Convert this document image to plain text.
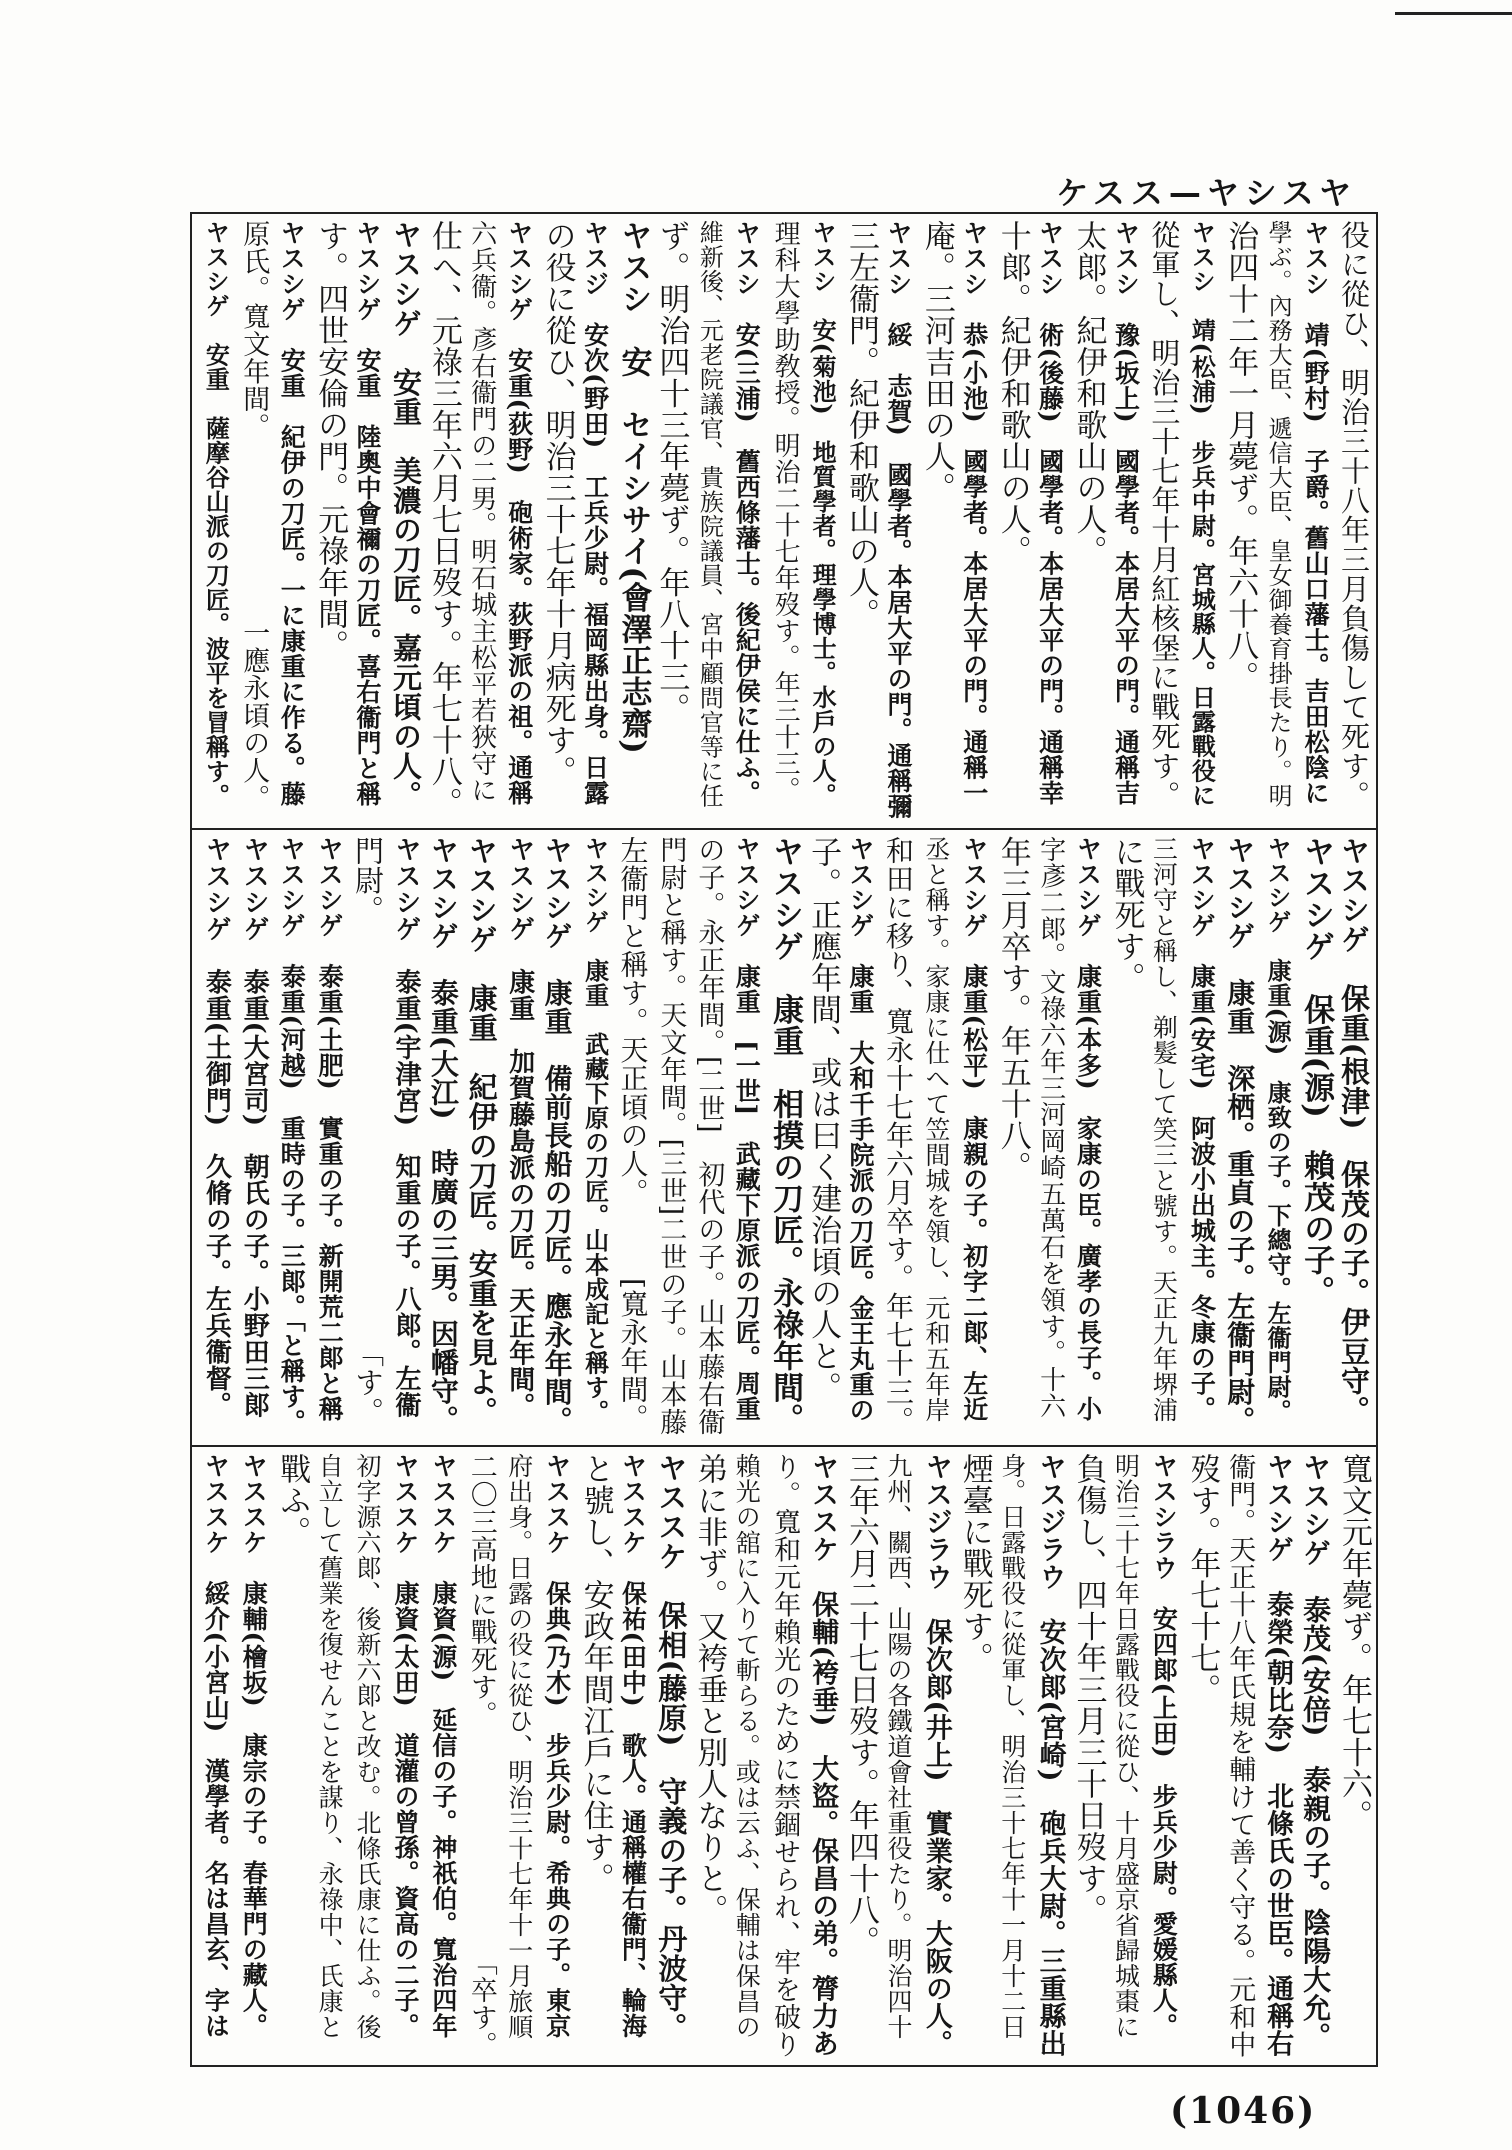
ケスス—ヤシスヤ
役に從ひ、明治三十八年三月負傷して死す。
ヤスシ　靖(野村)　子爵。舊山口藩士。吉田松陰に
學ぶ。內務大臣、遞信大臣、皇女御養育掛長たり。明
治四十二年一月薨ず。年六十八。
ヤスシ　靖(松浦)　步兵中尉。宮城縣人。日露戰役に
從軍し、明治三十七年十月紅核堡に戰死す。
ヤスシ　豫(坂上)　國學者。本居大平の門。通稱吉
太郞。紀伊和歌山の人。
ヤスシ　術(後藤)　國學者。本居大平の門。通稱幸
十郞。紀伊和歌山の人。
ヤスシ　恭(小池)　國學者。本居大平の門。通稱一
庵。三河吉田の人。
ヤスシ　綏　志賀)　國學者。本居大平の門。通稱彌
三左衞門。紀伊和歌山の人。
ヤスシ　安(菊池)　地質學者。理學博士。水戶の人。
理科大學助敎授。明治二十七年歿す。年三十三。
ヤスシ　安(三浦)　舊西條藩士。後紀伊侯に仕ふ。
維新後、元老院議官、貴族院議員、宮中顧問官等に任
ず。明治四十三年薨ず。年八十三。
ヤスシ　安　セイシサイ(會澤正志齋)
ヤスジ　安次(野田)　工兵少尉。福岡縣出身。日露
の役に從ひ、明治三十七年十月病死す。
ヤスシゲ　安重(荻野)　砲術家。荻野派の祖。通稱
六兵衞。彥右衞門の二男。明石城主松平若狹守に
仕へ、元祿三年六月七日歿す。年七十八。
ヤスシゲ　安重　美濃の刀匠。嘉元頃の人。
ヤスシゲ　安重　陸奧中會禰の刀匠。喜右衞門と稱
す。四世安倫の門。元祿年間。
ヤスシゲ　安重　紀伊の刀匠。一に康重に作る。藤
原氏。寬文年間。　　　　　　　一應永頃の人。
ヤスシゲ　安重　薩摩谷山派の刀匠。波平を冒稱す。
ヤスシゲ　保重(根津)　保茂の子。伊豆守。
ヤスシゲ　保重(源)　賴茂の子。
ヤスシゲ　康重(源)　康致の子。下總守。左衞門尉。
ヤスシゲ　康重　深栖。重貞の子。左衞門尉。
ヤスシゲ　康重(安宅)　阿波小出城主。冬康の子。
三河守と稱し、剃髮して笑三と號す。天正九年堺浦
に戰死す。
ヤスシゲ　康重(本多)　家康の臣。廣孝の長子。小
字彥二郞。文祿六年三河岡崎五萬石を領す。十六
年三月卒す。年五十八。
ヤスシゲ　康重(松平)　康親の子。初字二郞、左近
丞と稱す。家康に仕へて笠間城を領し、元和五年岸
和田に移り、寬永十七年六月卒す。年七十三。
ヤスシゲ　康重　大和千手院派の刀匠。金王丸重の
子。正應年間、或は曰く建治頃の人と。
ヤスシゲ　康重　相摸の刀匠。永祿年間。
ヤスシゲ　康重　[一世]　武藏下原派の刀匠。周重
の子。永正年間。[二世]　初代の子。山本藤右衞
門尉と稱す。天文年間。[三世]二世の子。山本藤
左衞門と稱す。天正頃の人。　　　[寬永年間。
ヤスシゲ　康重　武藏下原の刀匠。山本成記と稱す。
ヤスシゲ　康重　備前長船の刀匠。應永年間。
ヤスシゲ　康重　加賀藤島派の刀匠。天正年間。
ヤスシゲ　康重　紀伊の刀匠。安重を見よ。
ヤスシゲ　泰重(大江)　時廣の三男。因幡守。
ヤスシゲ　泰重(宇津宮)　知重の子。八郞。左衞
門尉。　　　　　　　　　　　　　　　「す。
ヤスシゲ　泰重(土肥)　實重の子。新開荒二郞と稱
ヤスシゲ　泰重(河越)　重時の子。三郞。「と稱す。
ヤスシゲ　泰重(大宮司)　朝氏の子。小野田三郞
ヤスシゲ　泰重(土御門)　久脩の子。左兵衞督。
寬文元年薨ず。年七十六。
ヤスシゲ　泰茂(安倍)　泰親の子。陰陽大允。
ヤスシゲ　泰榮(朝比奈)　北條氏の世臣。通稱右
衞門。天正十八年氏規を輔けて善く守る。元和中
歿す。年七十七。
ヤスシラウ　安四郞(上田)　步兵少尉。愛媛縣人。
明治三十七年日露戰役に從ひ、十月盛京省歸城棗に
負傷し、四十年三月三十日歿す。
ヤスジラウ　安次郞(宮崎)　砲兵大尉。三重縣出
身。日露戰役に從軍し、明治三十七年十一月十二日
煙臺に戰死す。
ヤスジラウ　保次郞(井上)　實業家。大阪の人。
九州、關西、山陽の各鐵道會社重役たり。明治四十
三年六月二十七日歿す。年四十八。
ヤススケ　保輔(袴垂)　大盜。保昌の弟。膂力あ
り。寬和元年賴光のために禁錮せられ、牢を破り
賴光の舘に入りて斬らる。或は云ふ、保輔は保昌の
弟に非ず。又袴垂と別人なりと。
ヤススケ　保相(藤原)　守義の子。丹波守。
ヤススケ　保祐(田中)　歌人。通稱權右衞門、輪海
と號し、安政年間江戶に住す。
ヤススケ　保典(乃木)　步兵少尉。希典の子。東京
府出身。日露の役に從ひ、明治三十七年十一月旅順
二〇三高地に戰死す。　　　　　　　　　「卒す。
ヤススケ　康資(源)　延信の子。神祇伯。寬治四年
ヤススケ　康資(太田)　道灌の曾孫。資高の二子。
初字源六郞、後新六郞と改む。北條氏康に仕ふ。後
自立して舊業を復せんことを謀り、永祿中、氏康と
戰ふ。
ヤススケ　康輔(檜坂)　康宗の子。春華門の藏人。
ヤススケ　綏介(小宮山)　漢學者。名は昌玄、字は
(1046)
